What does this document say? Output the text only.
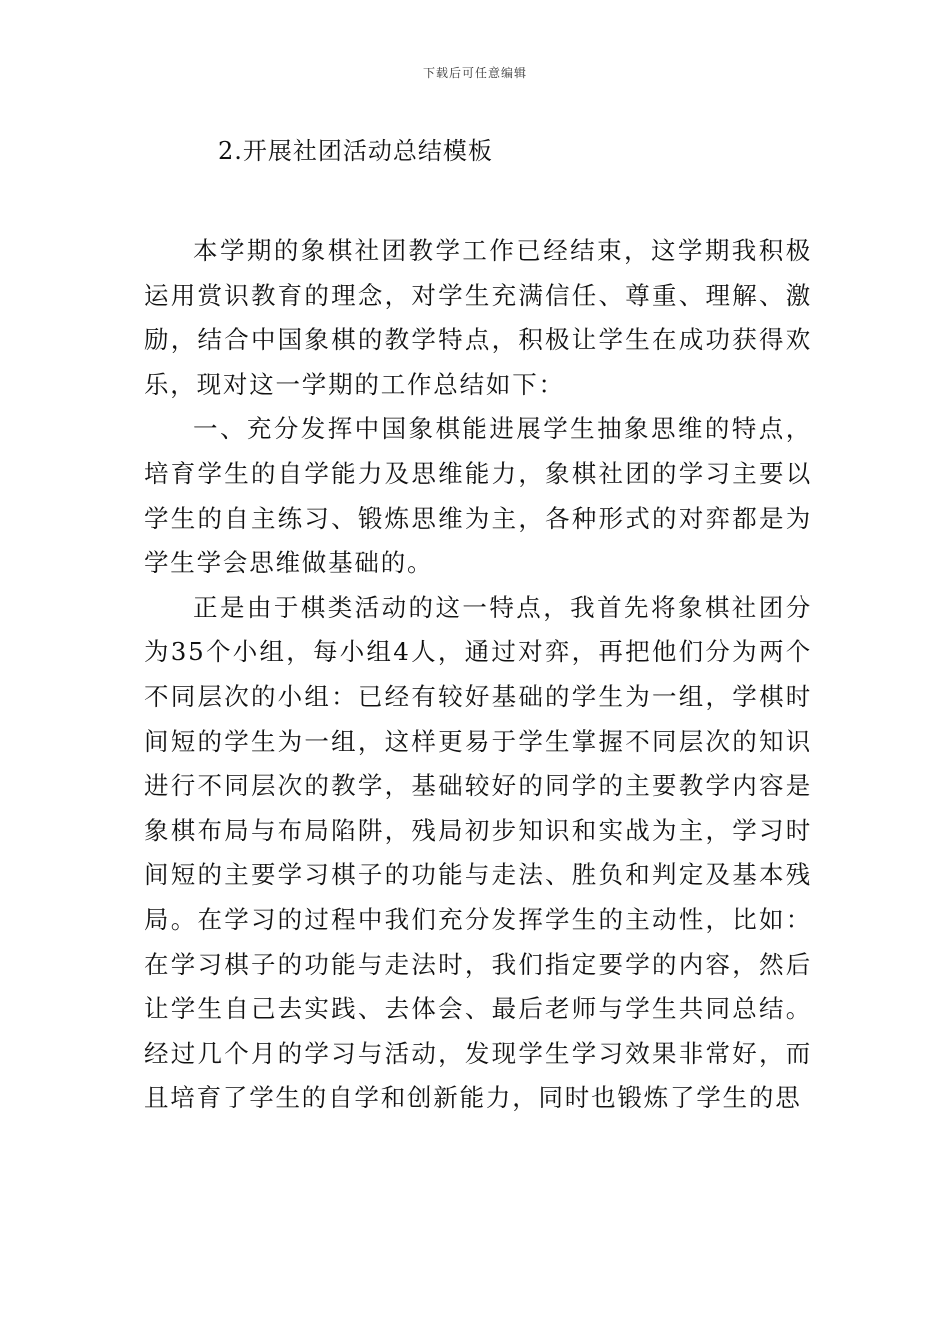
下载后可任意编辑
2.开展社团活动总结模板

本学期的象棋社团教学工作已经结束，这学期我积极运用赏识教育的理念，对学生充满信任、尊重、理解、激励，结合中国象棋的教学特点，积极让学生在成功获得欢乐，现对这一学期的工作总结如下：

一、充分发挥中国象棋能进展学生抽象思维的特点，培育学生的自学能力及思维能力，象棋社团的学习主要以学生的自主练习、锻炼思维为主，各种形式的对弈都是为学生学会思维做基础的。

正是由于棋类活动的这一特点，我首先将象棋社团分为35个小组，每小组4人，通过对弈，再把他们分为两个不同层次的小组：已经有较好基础的学生为一组，学棋时间短的学生为一组，这样更易于学生掌握不同层次的知识进行不同层次的教学，基础较好的同学的主要教学内容是象棋布局与布局陷阱，残局初步知识和实战为主，学习时间短的主要学习棋子的功能与走法、胜负和判定及基本残局。在学习的过程中我们充分发挥学生的主动性，比如：在学习棋子的功能与走法时，我们指定要学的内容，然后让学生自己去实践、去体会、最后老师与学生共同总结。经过几个月的学习与活动，发现学生学习效果非常好，而且培育了学生的自学和创新能力，同时也锻炼了学生的思
